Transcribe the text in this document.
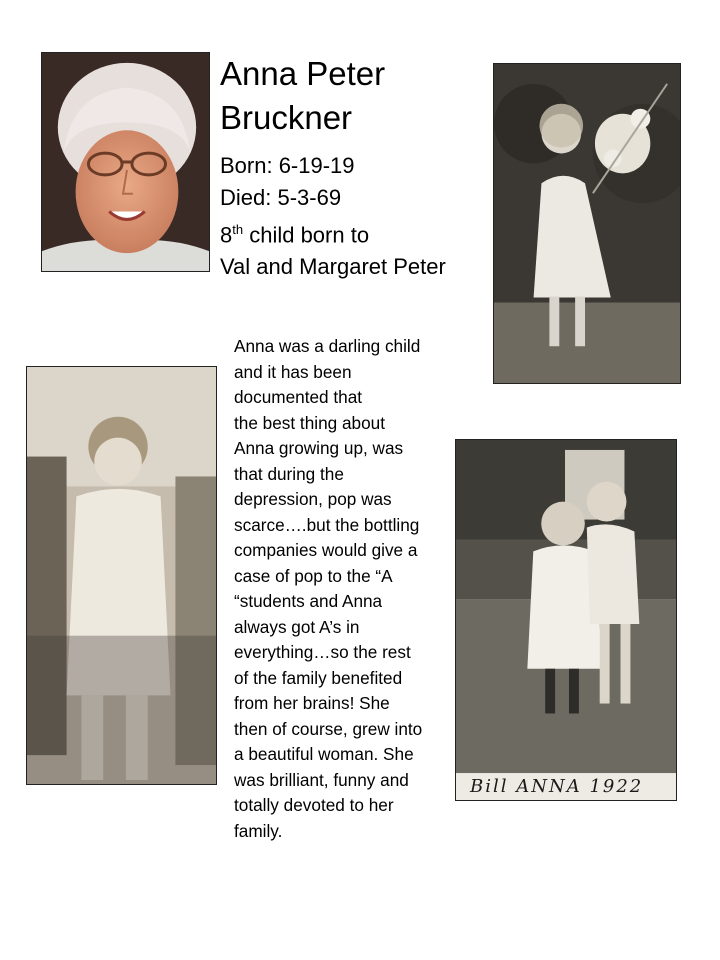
Anna Peter
Bruckner
Born: 6-19-19
Died: 5-3-69
8th child born to
Val and Margaret Peter
Anna was a darling child
and it has been
documented that
the best thing about
Anna growing up, was
that during the
depression, pop was
scarce….but the bottling
companies would give a
case of pop to the “A
“students and Anna
always got A’s in
everything…so the rest
of the family benefited
from her brains! She
then of course, grew into
a beautiful woman. She
was brilliant, funny and
totally devoted to her
family.
Bill ANNA 1922
